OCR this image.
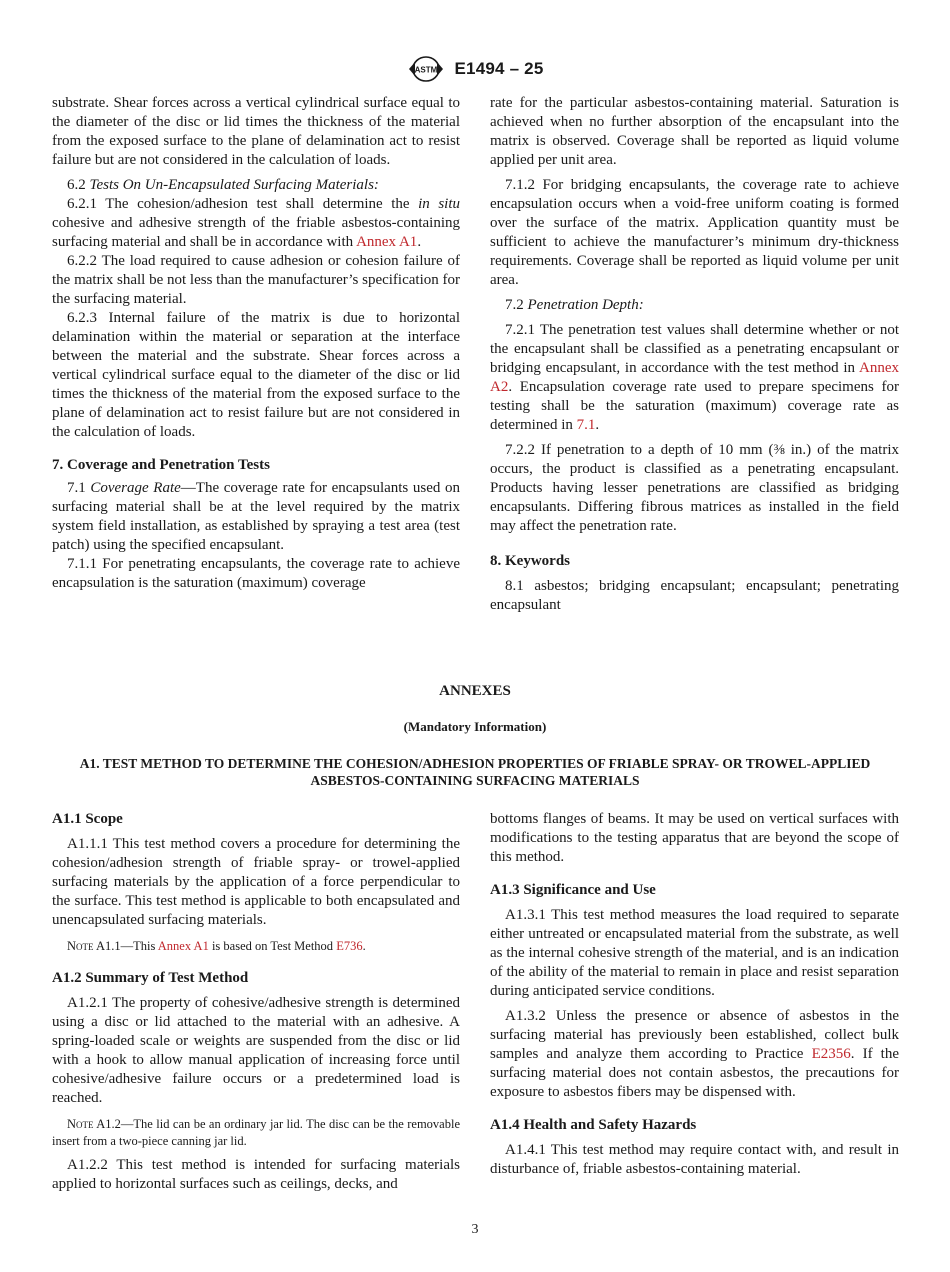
ASTM E1494 – 25

substrate. Shear forces across a vertical cylindrical surface equal to the diameter of the disc or lid times the thickness of the material from the exposed surface to the plane of delamination act to resist failure but are not considered in the calculation of loads.

6.2 Tests On Un-Encapsulated Surfacing Materials:

6.2.1 The cohesion/adhesion test shall determine the in situ cohesive and adhesive strength of the friable asbestos-containing surfacing material and shall be in accordance with Annex A1.

6.2.2 The load required to cause adhesion or cohesion failure of the matrix shall be not less than the manufacturer’s specification for the surfacing material.

6.2.3 Internal failure of the matrix is due to horizontal delamination within the material or separation at the interface between the material and the substrate. Shear forces across a vertical cylindrical surface equal to the diameter of the disc or lid times the thickness of the material from the exposed surface to the plane of delamination act to resist failure but are not considered in the calculation of loads.

7. Coverage and Penetration Tests

7.1 Coverage Rate—The coverage rate for encapsulants used on surfacing material shall be at the level required by the matrix system field installation, as established by spraying a test area (test patch) using the specified encapsulant.

7.1.1 For penetrating encapsulants, the coverage rate to achieve encapsulation is the saturation (maximum) coverage

rate for the particular asbestos-containing material. Saturation is achieved when no further absorption of the encapsulant into the matrix is observed. Coverage shall be reported as liquid volume applied per unit area.

7.1.2 For bridging encapsulants, the coverage rate to achieve encapsulation occurs when a void-free uniform coating is formed over the surface of the matrix. Application quantity must be sufficient to achieve the manufacturer’s minimum dry-thickness requirements. Coverage shall be reported as liquid volume per unit area.

7.2 Penetration Depth:

7.2.1 The penetration test values shall determine whether or not the encapsulant shall be classified as a penetrating encapsulant or bridging encapsulant, in accordance with the test method in Annex A2. Encapsulation coverage rate used to prepare specimens for testing shall be the saturation (maximum) coverage rate as determined in 7.1.

7.2.2 If penetration to a depth of 10 mm (⅜ in.) of the matrix occurs, the product is classified as a penetrating encapsulant. Products having lesser penetrations are classified as bridging encapsulants. Differing fibrous matrices as installed in the field may affect the penetration rate.

8. Keywords

8.1 asbestos; bridging encapsulant; encapsulant; penetrating encapsulant

ANNEXES
(Mandatory Information)
A1. TEST METHOD TO DETERMINE THE COHESION/ADHESION PROPERTIES OF FRIABLE SPRAY- OR TROWEL-APPLIED ASBESTOS-CONTAINING SURFACING MATERIALS
A1.1 Scope

A1.1.1 This test method covers a procedure for determining the cohesion/adhesion strength of friable spray- or trowel-applied surfacing materials by the application of a force perpendicular to the surface. This test method is applicable to both encapsulated and unencapsulated surfacing materials.

Note A1.1—This Annex A1 is based on Test Method E736.
A1.2 Summary of Test Method

A1.2.1 The property of cohesive/adhesive strength is determined using a disc or lid attached to the material with an adhesive. A spring-loaded scale or weights are suspended from the disc or lid with a hook to allow manual application of increasing force until cohesive/adhesive failure occurs or a predetermined load is reached.

Note A1.2—The lid can be an ordinary jar lid. The disc can be the removable insert from a two-piece canning jar lid.

A1.2.2 This test method is intended for surfacing materials applied to horizontal surfaces such as ceilings, decks, and

bottoms flanges of beams. It may be used on vertical surfaces with modifications to the testing apparatus that are beyond the scope of this method.

A1.3 Significance and Use

A1.3.1 This test method measures the load required to separate either untreated or encapsulated material from the substrate, as well as the internal cohesive strength of the material, and is an indication of the ability of the material to remain in place and resist separation during anticipated service conditions.

A1.3.2 Unless the presence or absence of asbestos in the surfacing material has previously been established, collect bulk samples and analyze them according to Practice E2356. If the surfacing material does not contain asbestos, the precautions for exposure to asbestos fibers may be dispensed with.

A1.4 Health and Safety Hazards

A1.4.1 This test method may require contact with, and result in disturbance of, friable asbestos-containing material.

3
